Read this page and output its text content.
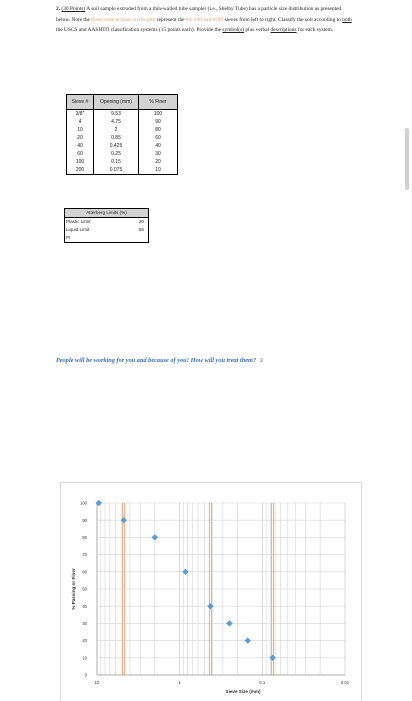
2. (30 Points) A soil sample extruded from a thin-walled tube sampler (i.e., Shelby Tube) has a particle size distribution as presented below. Note the three vertical lines on the plot represent the #4, #40 and #200 sieves from left to right. Classify the soil according to both the USCS and AASHTO classification systems (15 points each). Provide the symbol(s) plus verbal descriptions for each system.
Sieve #	Opening (mm)	% Finer
3/8"	9.53	100
4	4.75	90
10	2	80
20	0.85	60
40	0.425	40
60	0.25	30
100	0.15	20
200	0.075	10
Atterberg Limits (%)	
Plastic Limit	20
Liquid Limit	55
PI	
People will be working for you and because of you! How will you treat them? 3
0
10
20
30
40
50
60
70
80
90
100
10	1	0.1	0.01
Sieve Size (mm)
% Passing or Finer
